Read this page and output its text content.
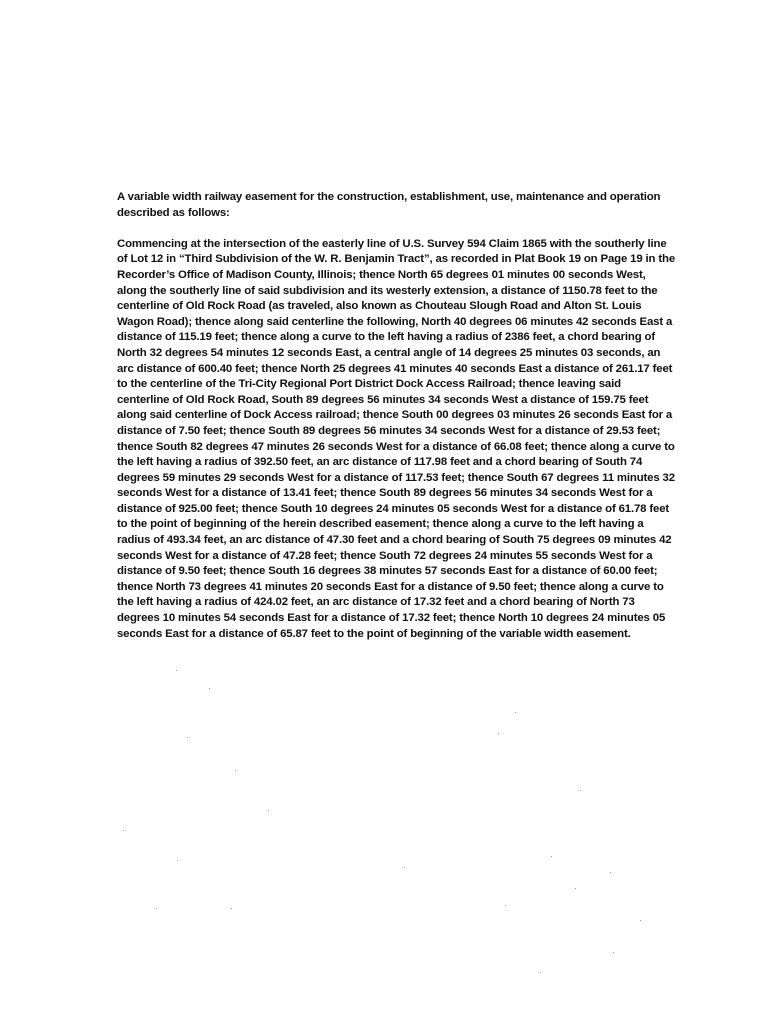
A variable width railway easement for the construction, establishment, use, maintenance and operation described as follows:

Commencing at the intersection of the easterly line of U.S. Survey 594 Claim 1865 with the southerly line of Lot 12 in “Third Subdivision of the W. R. Benjamin Tract”, as recorded in Plat Book 19 on Page 19 in the Recorder’s Office of Madison County, Illinois; thence North 65 degrees 01 minutes 00 seconds West, along the southerly line of said subdivision and its westerly extension, a distance of 1150.78 feet to the centerline of Old Rock Road (as traveled, also known as Chouteau Slough Road and Alton St. Louis Wagon Road); thence along said centerline the following, North 40 degrees 06 minutes 42 seconds East a distance of 115.19 feet; thence along a curve to the left having a radius of 2386 feet, a chord bearing of North 32 degrees 54 minutes 12 seconds East, a central angle of 14 degrees 25 minutes 03 seconds, an arc distance of 600.40 feet; thence North 25 degrees 41 minutes 40 seconds East a distance of 261.17 feet to the centerline of the Tri-City Regional Port District Dock Access Railroad; thence leaving said centerline of Old Rock Road, South 89 degrees 56 minutes 34 seconds West a distance of 159.75 feet along said centerline of Dock Access railroad; thence South 00 degrees 03 minutes 26 seconds East for a distance of 7.50 feet; thence South 89 degrees 56 minutes 34 seconds West for a distance of 29.53 feet; thence South 82 degrees 47 minutes 26 seconds West for a distance of 66.08 feet; thence along a curve to the left having a radius of 392.50 feet, an arc distance of 117.98 feet and a chord bearing of South 74 degrees 59 minutes 29 seconds West for a distance of 117.53 feet; thence South 67 degrees 11 minutes 32 seconds West for a distance of 13.41 feet; thence South 89 degrees 56 minutes 34 seconds West for a distance of 925.00 feet; thence South 10 degrees 24 minutes 05 seconds West for a distance of 61.78 feet to the point of beginning of the herein described easement; thence along a curve to the left having a radius of 493.34 feet, an arc distance of 47.30 feet and a chord bearing of South 75 degrees 09 minutes 42 seconds West for a distance of 47.28 feet; thence South 72 degrees 24 minutes 55 seconds West for a distance of 9.50 feet; thence South 16 degrees 38 minutes 57 seconds East for a distance of 60.00 feet; thence North 73 degrees 41 minutes 20 seconds East for a distance of 9.50 feet; thence along a curve to the left having a radius of 424.02 feet, an arc distance of 17.32 feet and a chord bearing of North 73 degrees 10 minutes 54 seconds East for a distance of 17.32 feet; thence North 10 degrees 24 minutes 05 seconds East for a distance of 65.87 feet to the point of beginning of the variable width easement.
